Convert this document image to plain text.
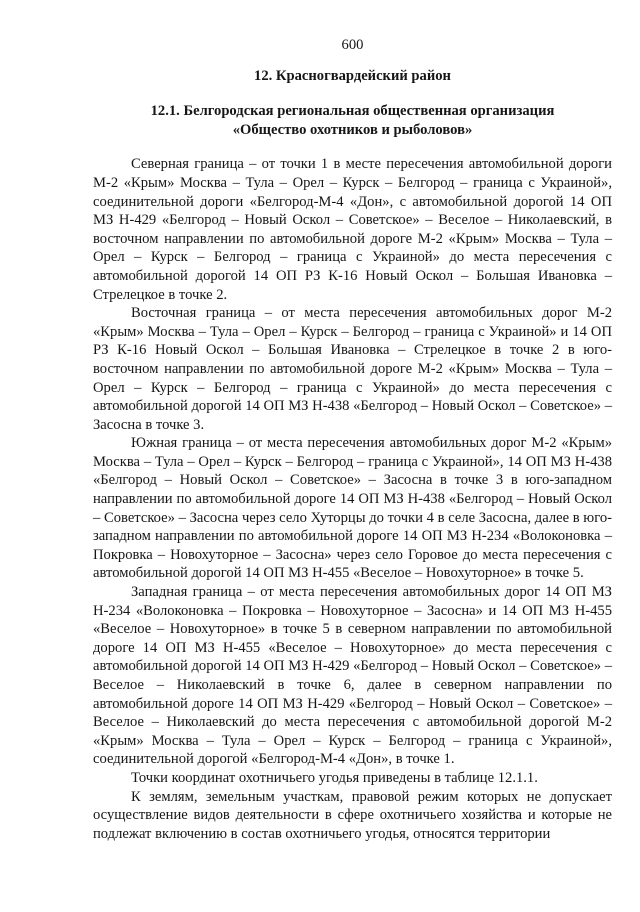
600
12. Красногвардейский район
12.1. Белгородская региональная общественная организация
«Общество охотников и рыболовов»

Северная граница – от точки 1 в месте пересечения автомобильной дороги М-2 «Крым» Москва – Тула – Орел – Курск – Белгород – граница с Украиной», соединительной дороги «Белгород-М-4 «Дон», с автомобильной дорогой 14 ОП МЗ Н-429 «Белгород – Новый Оскол – Советское» – Веселое – Николаевский, в восточном направлении по автомобильной дороге М-2 «Крым» Москва – Тула – Орел – Курск – Белгород – граница с Украиной» до места пересечения с автомобильной дорогой 14 ОП РЗ К-16 Новый Оскол – Большая Ивановка – Стрелецкое в точке 2.

Восточная граница – от места пересечения автомобильных дорог М-2 «Крым» Москва – Тула – Орел – Курск – Белгород – граница с Украиной» и 14 ОП РЗ К-16 Новый Оскол – Большая Ивановка – Стрелецкое в точке 2 в юго-восточном направлении по автомобильной дороге М-2 «Крым» Москва – Тула – Орел – Курск – Белгород – граница с Украиной» до места пересечения с автомобильной дорогой 14 ОП МЗ Н-438 «Белгород – Новый Оскол – Советское» – Засосна в точке 3.

Южная граница – от места пересечения автомобильных дорог М-2 «Крым» Москва – Тула – Орел – Курск – Белгород – граница с Украиной», 14 ОП МЗ Н-438 «Белгород – Новый Оскол – Советское» – Засосна в точке 3 в юго-западном направлении по автомобильной дороге 14 ОП МЗ Н-438 «Белгород – Новый Оскол – Советское» – Засосна через село Хуторцы до точки 4 в селе Засосна, далее в юго-западном направлении по автомобильной дороге 14 ОП МЗ Н-234 «Волоконовка – Покровка – Новохуторное – Засосна» через село Горовое до места пересечения с автомобильной дорогой 14 ОП МЗ Н-455 «Веселое – Новохуторное» в точке 5.

Западная граница – от места пересечения автомобильных дорог 14 ОП МЗ Н-234 «Волоконовка – Покровка – Новохуторное – Засосна» и 14 ОП МЗ Н-455 «Веселое – Новохуторное» в точке 5 в северном направлении по автомобильной дороге 14 ОП МЗ Н-455 «Веселое – Новохуторное» до места пересечения с автомобильной дорогой 14 ОП МЗ Н-429 «Белгород – Новый Оскол – Советское» – Веселое – Николаевский в точке 6, далее в северном направлении по автомобильной дороге 14 ОП МЗ Н-429 «Белгород – Новый Оскол – Советское» – Веселое – Николаевский до места пересечения с автомобильной дорогой М-2 «Крым» Москва – Тула – Орел – Курск – Белгород – граница с Украиной», соединительной дорогой «Белгород-М-4 «Дон», в точке 1.

Точки координат охотничьего угодья приведены в таблице 12.1.1.

К землям, земельным участкам, правовой режим которых не допускает осуществление видов деятельности в сфере охотничьего хозяйства и которые не подлежат включению в состав охотничьего угодья, относятся территории
